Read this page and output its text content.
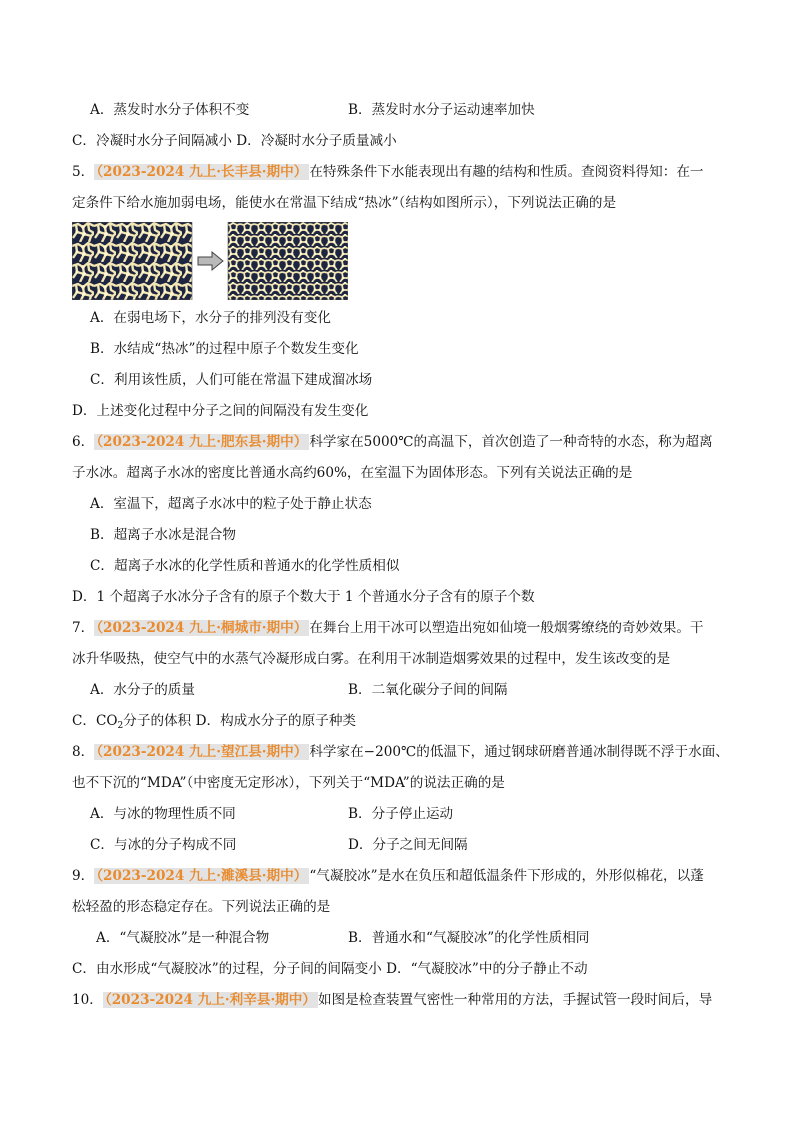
A．蒸发时水分子体积不变	B．蒸发时水分子运动速率加快
C．冷凝时水分子间隔减小 D．冷凝时水分子质量减小
5． （2023-2024 九上·长丰县·期中） 在特殊条件下水能表现出有趣的结构和性质。查阅资料得知：在一
定条件下给水施加弱电场，能使水在常温下结成“热冰”（结构如图所示），下列说法正确的是
A．在弱电场下，水分子的排列没有变化
B．水结成“热冰”的过程中原子个数发生变化
C．利用该性质，人们可能在常温下建成溜冰场
D．上述变化过程中分子之间的间隔没有发生变化
6． （2023-2024 九上·肥东县·期中） 科学家在5000℃的高温下，首次创造了一种奇特的水态，称为超离
子水冰。超离子水冰的密度比普通水高约60%，在室温下为固体形态。下列有关说法正确的是
A．室温下，超离子水冰中的粒子处于静止状态
B．超离子水冰是混合物
C．超离子水冰的化学性质和普通水的化学性质相似
D．1 个超离子水冰分子含有的原子个数大于 1 个普通水分子含有的原子个数
7． （2023-2024 九上·桐城市·期中） 在舞台上用干冰可以塑造出宛如仙境一般烟雾缭绕的奇妙效果。干
冰升华吸热，使空气中的水蒸气冷凝形成白雾。在利用干冰制造烟雾效果的过程中，发生该改变的是
A．水分子的质量	B．二氧化碳分子间的间隔
C．$CO_2$分子的体积 D．构成水分子的原子种类
8． （2023-2024 九上·望江县·期中） 科学家在−200℃的低温下，通过钢球研磨普通冰制得既不浮于水面、
也不下沉的“MDA”（中密度无定形冰），下列关于“MDA”的说法正确的是
A．与冰的物理性质不同	B．分子停止运动
C．与冰的分子构成不同	D．分子之间无间隔
9． （2023-2024 九上·濉溪县·期中） “气凝胶冰”是水在负压和超低温条件下形成的，外形似棉花，以蓬
松轻盈的形态稳定存在。下列说法正确的是
A．“气凝胶冰”是一种混合物	B．普通水和“气凝胶冰”的化学性质相同
C．由水形成“气凝胶冰”的过程，分子间的间隔变小 D．“气凝胶冰”中的分子静止不动
10． （2023-2024 九上·利辛县·期中） 如图是检查装置气密性一种常用的方法，手握试管一段时间后，导
